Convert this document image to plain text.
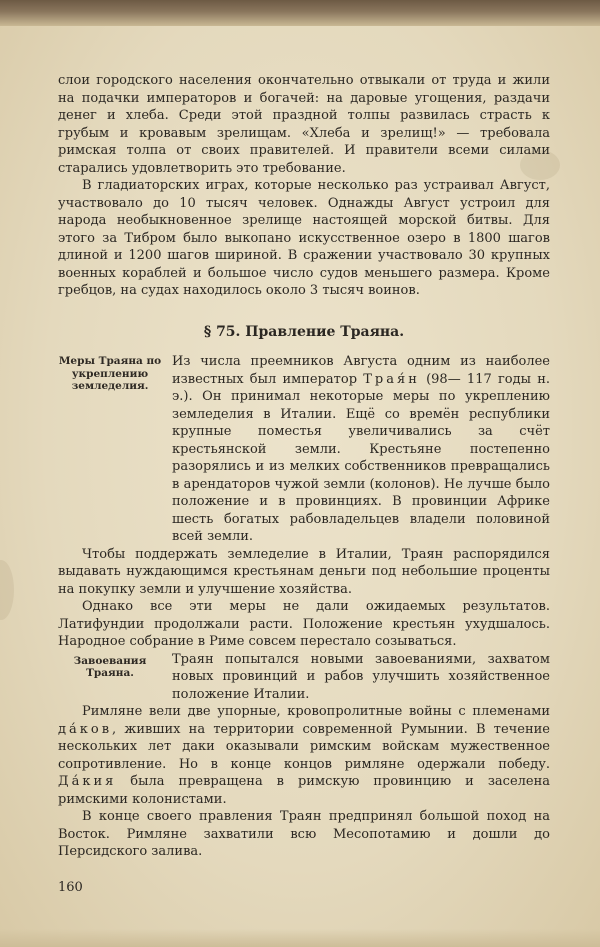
слои городского населения окончательно отвыкали от труда и жили на подачки императоров и богачей: на даровые угощения, раздачи денег и хлеба. Среди этой праздной толпы развилась страсть к грубым и кровавым зрелищам. «Хлеба и зрелищ!» — требовала римская толпа от своих правителей. И правители всеми силами старались удовлетворить это требование.

В гладиаторских играх, которые несколько раз устраивал Август, участвовало до 10 тысяч человек. Однажды Август устроил для народа необыкновенное зрелище настоящей морской битвы. Для этого за Тибром было выкопано искусственное озеро в 1800 шагов длиной и 1200 шагов шириной. В сражении участвовало 30 крупных военных кораблей и большое число судов меньшего размера. Кроме гребцов, на судах находилось около 3 тысяч воинов.

§ 75. Правление Траяна.
Меры Траяна по укреплению земледелия.

Из числа преемников Августа одним из наиболее известных был император Трая́н (98— 117 годы н. э.). Он принимал некоторые меры по укреплению земледелия в Италии. Ещё со времён республики крупные поместья увеличивались за счёт крестьянской земли. Крестьяне постепенно разорялись и из мелких собственников превращались в арендаторов чужой земли (колонов). Не лучше было положение и в провинциях. В провинции Африке шесть богатых рабовладельцев владели половиной всей земли.

Чтобы поддержать земледелие в Италии, Траян распорядился выдавать нуждающимся крестьянам деньги под небольшие проценты на покупку земли и улучшение хозяйства.

Однако все эти меры не дали ожидаемых результатов. Латифундии продолжали расти. Положение крестьян ухудшалось. Народное собрание в Риме совсем перестало созываться.

Завоевания Траяна.

Траян попытался новыми завоеваниями, захватом новых провинций и рабов улучшить хозяйственное положение Италии.

Римляне вели две упорные, кровопролитные войны с племенами да́ков, живших на территории современной Румынии. В течение нескольких лет даки оказывали римским войскам мужественное сопротивление. Но в конце концов римляне одержали победу. Да́кия была превращена в римскую провинцию и заселена римскими колонистами.

В конце своего правления Траян предпринял большой поход на Восток. Римляне захватили всю Месопотамию и дошли до Персидского залива.

160
